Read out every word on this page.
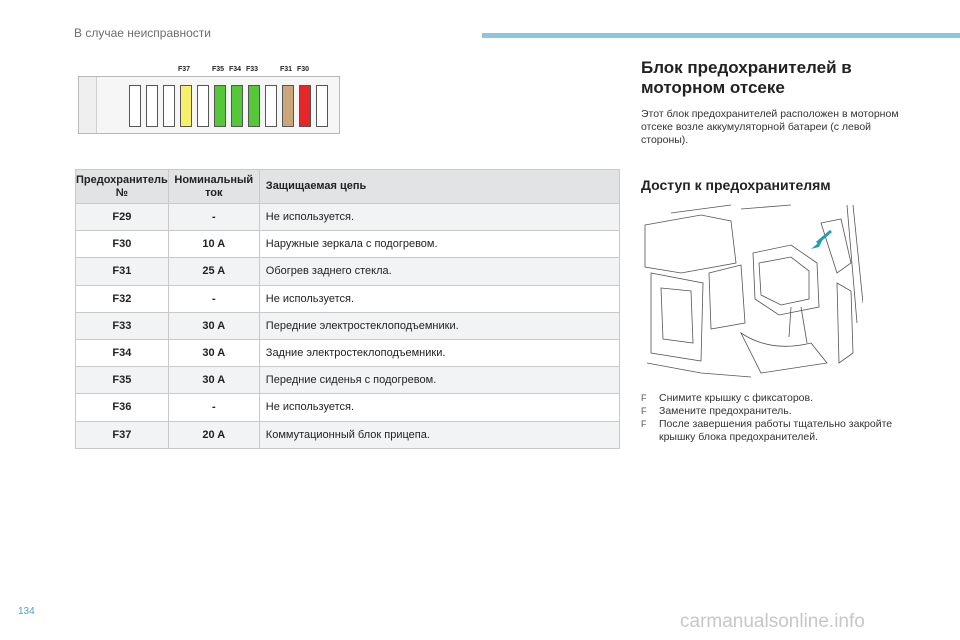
В случае неисправности
F37	F35 F34 F33	F31 F30
Предохранитель №	Номинальный ток	Защищаемая цепь
F29	-	Не используется.
F30	10 A	Наружные зеркала с подогревом.
F31	25 A	Обогрев заднего стекла.
F32	-	Не используется.
F33	30 A	Передние электростеклоподъемники.
F34	30 A	Задние электростеклоподъемники.
F35	30 A	Передние сиденья с подогревом.
F36	-	Не используется.
F37	20 A	Коммутационный блок прицепа.
Блок предохранителей в моторном отсеке
Этот блок предохранителей расположен в моторном отсеке возле аккумуляторной батареи (с левой стороны).
Доступ к предохранителям
F Снимите крышку с фиксаторов.
F Замените предохранитель.
F После завершения работы тщательно закройте крышку блока предохранителей.
134	carmanualsonline.info
